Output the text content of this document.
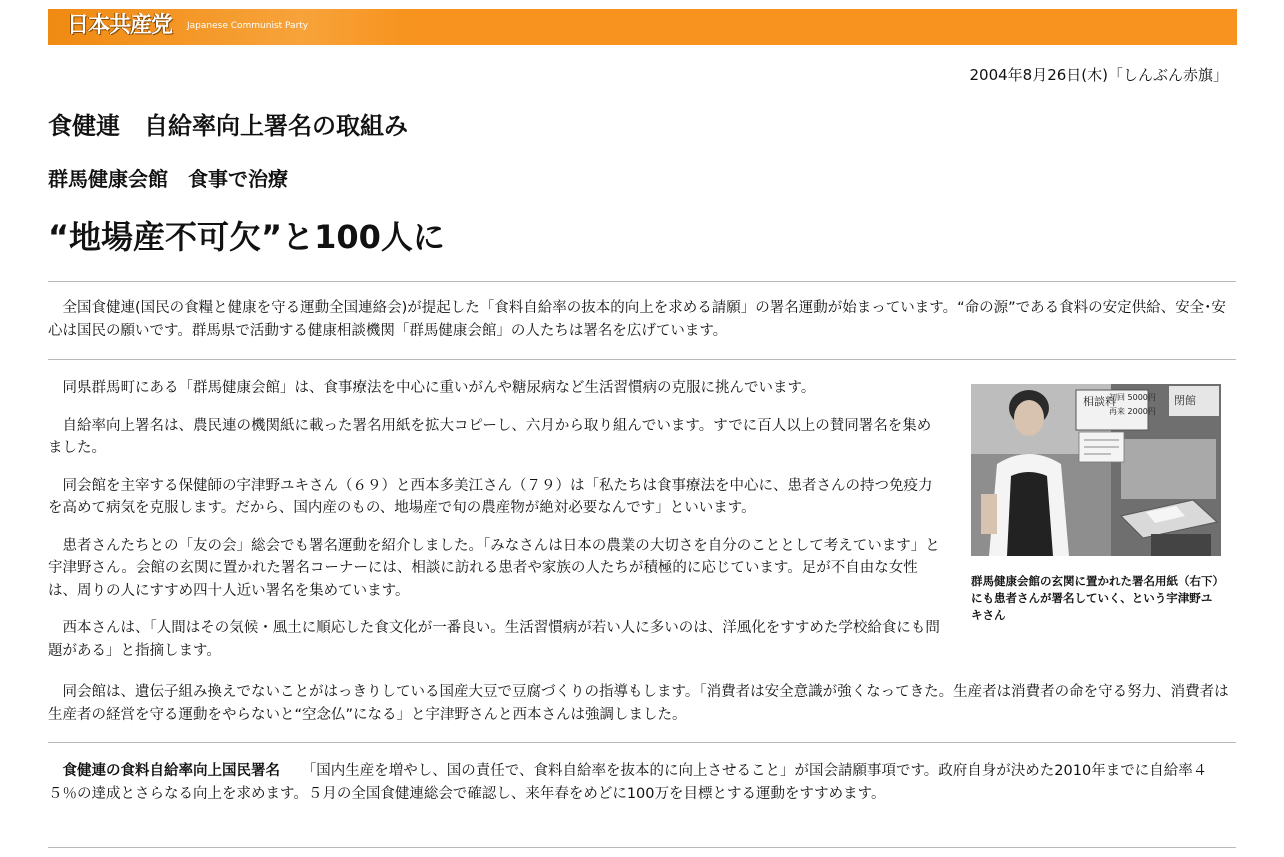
日本共産党 Japanese Communist Party
2004年8月26日(木)「しんぶん赤旗」
食健連　自給率向上署名の取組み
群馬健康会館　食事で治療
“地場産不可欠”と100人に

全国食健連(国民の食糧と健康を守る運動全国連絡会)が提起した「食料自給率の抜本的向上を求める請願」の署名運動が始まっています。“命の源”である食料の安定供給、安全･安心は国民の願いです。群馬県で活動する健康相談機関「群馬健康会館」の人たちは署名を広げています。

同県群馬町にある「群馬健康会館」は、食事療法を中心に重いがんや糖尿病など生活習慣病の克服に挑んでいます。

自給率向上署名は、農民連の機関紙に載った署名用紙を拡大コピーし、六月から取り組んでいます。すでに百人以上の賛同署名を集めました。

同会館を主宰する保健師の宇津野ユキさん（６９）と西本多美江さん（７９）は「私たちは食事療法を中心に、患者さんの持つ免疫力を高めて病気を克服します。だから、国内産のもの、地場産で旬の農産物が絶対必要なんです」といいます。

患者さんたちとの「友の会」総会でも署名運動を紹介しました。「みなさんは日本の農業の大切さを自分のこととして考えています」と宇津野さん。会館の玄関に置かれた署名コーナーには、相談に訪れる患者や家族の人たちが積極的に応じています。足が不自由な女性は、周りの人にすすめ四十人近い署名を集めています。

西本さんは、「人間はその気候・風土に順応した食文化が一番良い。生活習慣病が若い人に多いのは、洋風化をすすめた学校給食にも問題がある」と指摘します。

相談料
初回 5000円
再来 2000円
閉館

群馬健康会館の玄関に置かれた署名用紙（右下）にも患者さんが署名していく、という宇津野ユキさん

同会館は、遺伝子組み換えでないことがはっきりしている国産大豆で豆腐づくりの指導もします。「消費者は安全意識が強くなってきた。生産者は消費者の命を守る努力、消費者は生産者の経営を守る運動をやらないと“空念仏”になる」と宇津野さんと西本さんは強調しました。

食健連の食料自給率向上国民署名 「国内生産を増やし、国の責任で、食料自給率を抜本的に向上させること」が国会請願事項です。政府自身が決めた2010年までに自給率４５％の達成とさらなる向上を求めます。５月の全国食健連総会で確認し、来年春をめどに100万を目標とする運動をすすめます。
